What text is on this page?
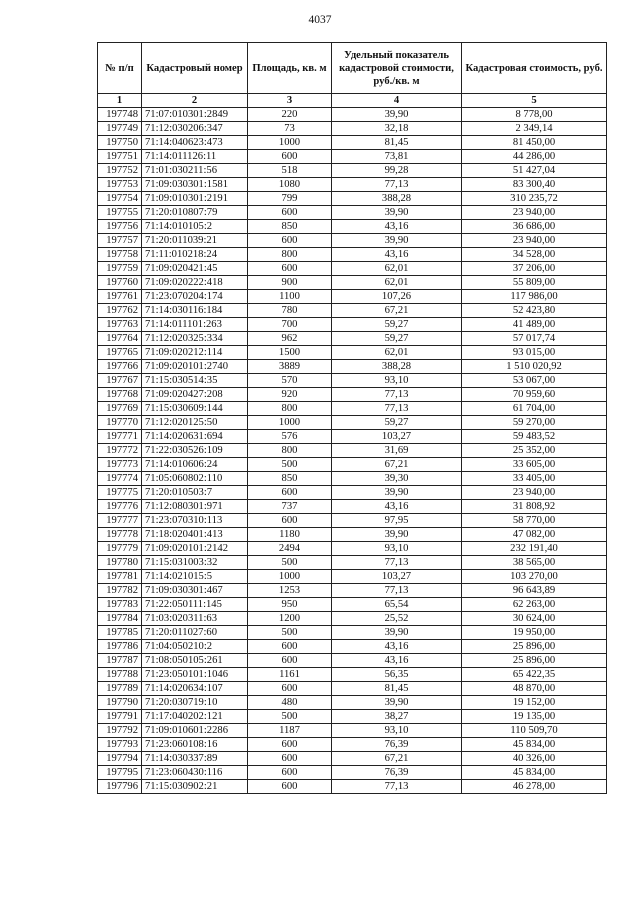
4037
№ п/п	Кадастровый номер	Площадь, кв. м	Удельный показатель кадастровой стоимости, руб./кв. м	Кадастровая стоимость, руб.
1	2	3	4	5
197748	71:07:010301:2849	220	39,90	8 778,00
197749	71:12:030206:347	73	32,18	2 349,14
197750	71:14:040623:473	1000	81,45	81 450,00
197751	71:14:011126:11	600	73,81	44 286,00
197752	71:01:030211:56	518	99,28	51 427,04
197753	71:09:030301:1581	1080	77,13	83 300,40
197754	71:09:010301:2191	799	388,28	310 235,72
197755	71:20:010807:79	600	39,90	23 940,00
197756	71:14:010105:2	850	43,16	36 686,00
197757	71:20:011039:21	600	39,90	23 940,00
197758	71:11:010218:24	800	43,16	34 528,00
197759	71:09:020421:45	600	62,01	37 206,00
197760	71:09:020222:418	900	62,01	55 809,00
197761	71:23:070204:174	1100	107,26	117 986,00
197762	71:14:030116:184	780	67,21	52 423,80
197763	71:14:011101:263	700	59,27	41 489,00
197764	71:12:020325:334	962	59,27	57 017,74
197765	71:09:020212:114	1500	62,01	93 015,00
197766	71:09:020101:2740	3889	388,28	1 510 020,92
197767	71:15:030514:35	570	93,10	53 067,00
197768	71:09:020427:208	920	77,13	70 959,60
197769	71:15:030609:144	800	77,13	61 704,00
197770	71:12:020125:50	1000	59,27	59 270,00
197771	71:14:020631:694	576	103,27	59 483,52
197772	71:22:030526:109	800	31,69	25 352,00
197773	71:14:010606:24	500	67,21	33 605,00
197774	71:05:060802:110	850	39,30	33 405,00
197775	71:20:010503:7	600	39,90	23 940,00
197776	71:12:080301:971	737	43,16	31 808,92
197777	71:23:070310:113	600	97,95	58 770,00
197778	71:18:020401:413	1180	39,90	47 082,00
197779	71:09:020101:2142	2494	93,10	232 191,40
197780	71:15:031003:32	500	77,13	38 565,00
197781	71:14:021015:5	1000	103,27	103 270,00
197782	71:09:030301:467	1253	77,13	96 643,89
197783	71:22:050111:145	950	65,54	62 263,00
197784	71:03:020311:63	1200	25,52	30 624,00
197785	71:20:011027:60	500	39,90	19 950,00
197786	71:04:050210:2	600	43,16	25 896,00
197787	71:08:050105:261	600	43,16	25 896,00
197788	71:23:050101:1046	1161	56,35	65 422,35
197789	71:14:020634:107	600	81,45	48 870,00
197790	71:20:030719:10	480	39,90	19 152,00
197791	71:17:040202:121	500	38,27	19 135,00
197792	71:09:010601:2286	1187	93,10	110 509,70
197793	71:23:060108:16	600	76,39	45 834,00
197794	71:14:030337:89	600	67,21	40 326,00
197795	71:23:060430:116	600	76,39	45 834,00
197796	71:15:030902:21	600	77,13	46 278,00
